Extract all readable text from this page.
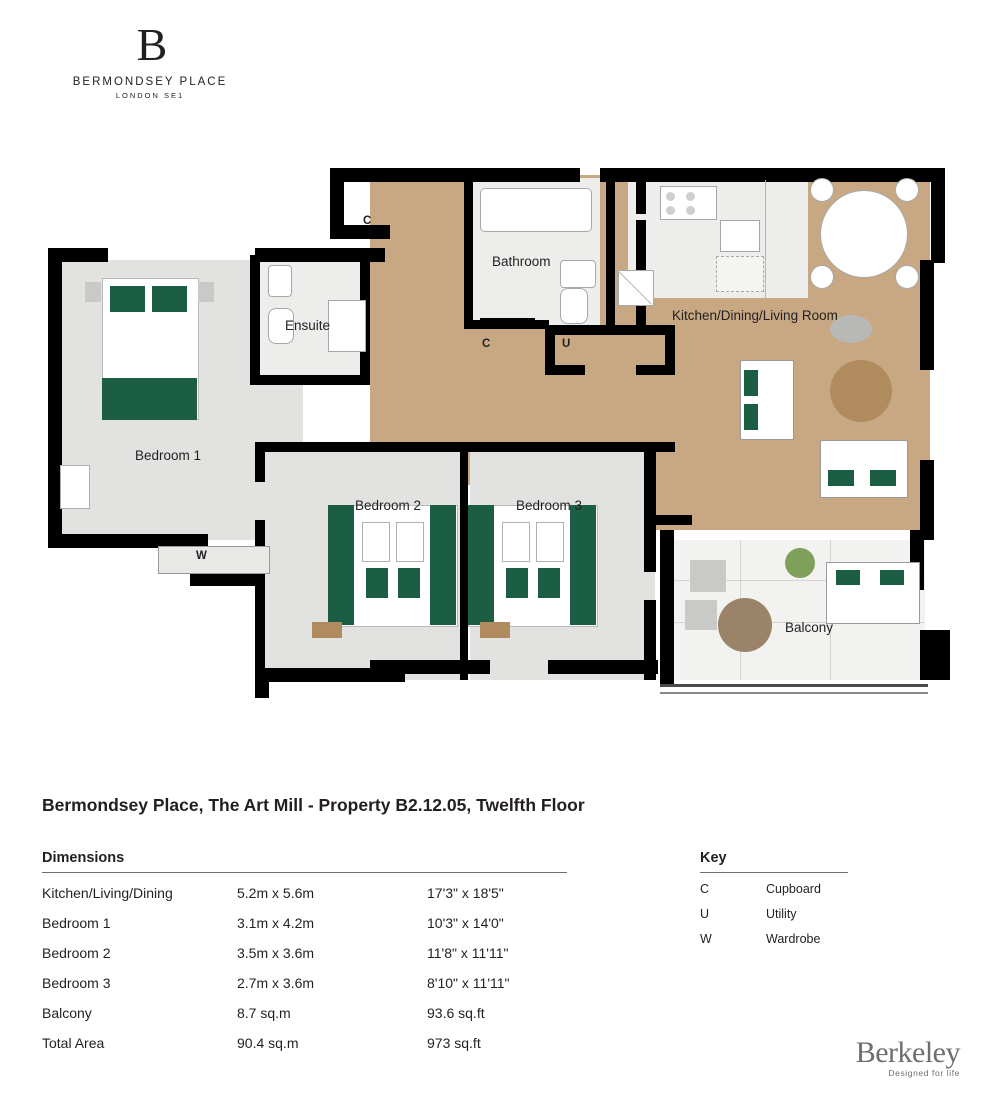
B
BERMONDSEY PLACE
LONDON SE1
W
Bedroom 1
Ensuite
Bathroom
Kitchen/Dining/Living Room
Bedroom 2	Bedroom 3
Balcony
C
C	U
Bermondsey Place, The Art Mill - Property B2.12.05, Twelfth Floor
Dimensions
Kitchen/Living/Dining	5.2m x 5.6m	17'3" x 18'5"
Bedroom 1	3.1m x 4.2m	10'3" x 14'0"
Bedroom 2	3.5m x 3.6m	11'8" x 11'11"
Bedroom 3	2.7m x 3.6m	8'10" x 11'11"
Balcony	8.7 sq.m	93.6 sq.ft
Total Area	90.4 sq.m	973 sq.ft
Key
C	Cupboard
U	Utility
W	Wardrobe
Berkeley
Designed for life
